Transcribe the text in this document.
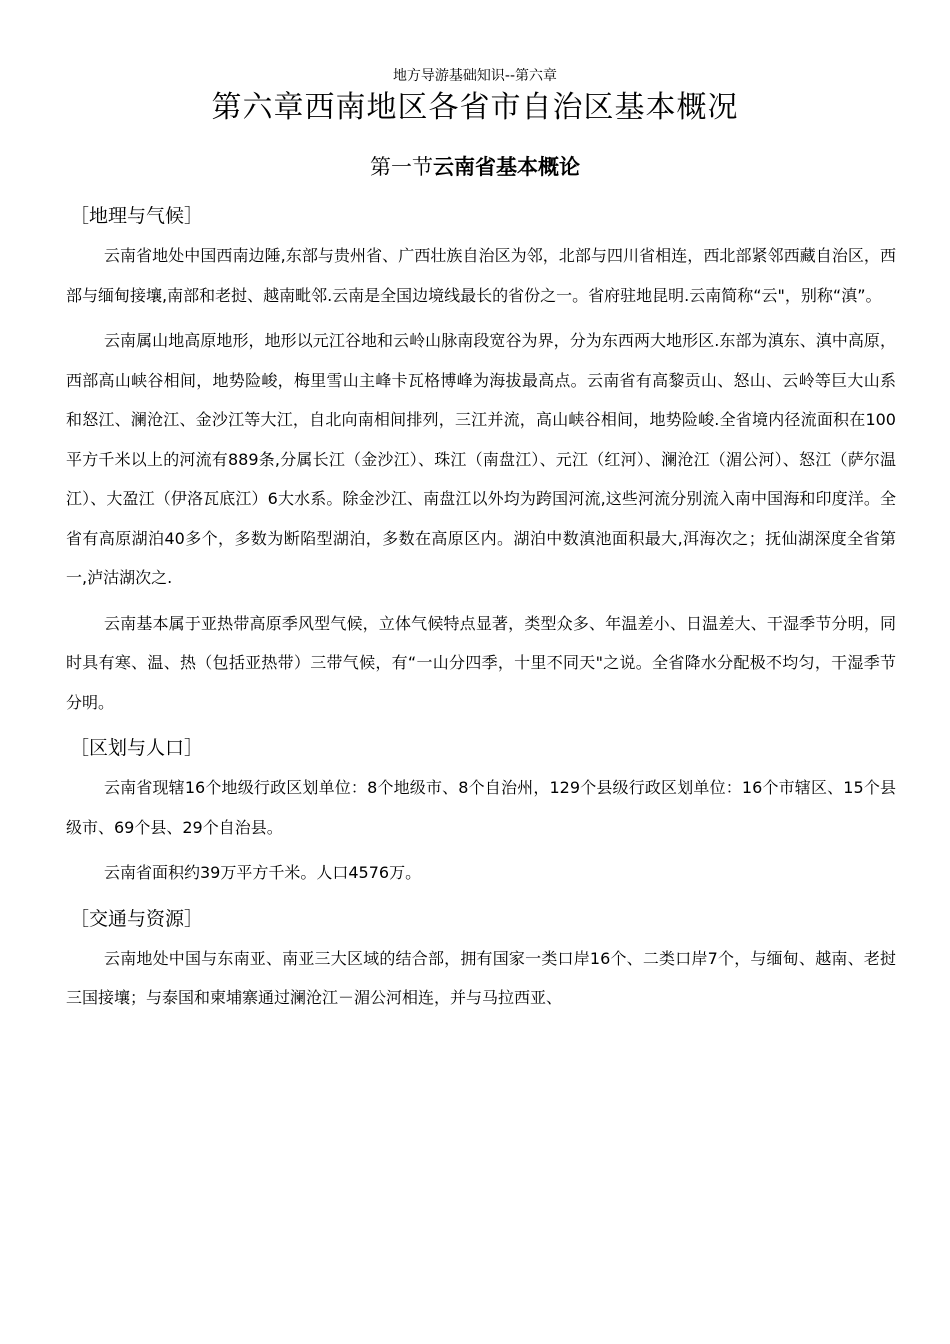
地方导游基础知识--第六章
第六章西南地区各省市自治区基本概况
第一节云南省基本概论
［地理与气候］

云南省地处中国西南边陲,东部与贵州省、广西壮族自治区为邻，北部与四川省相连，西北部紧邻西藏自治区，西部与缅甸接壤,南部和老挝、越南毗邻.云南是全国边境线最长的省份之一。省府驻地昆明.云南简称“云"，别称“滇”。

云南属山地高原地形，地形以元江谷地和云岭山脉南段宽谷为界，分为东西两大地形区.东部为滇东、滇中高原，西部高山峡谷相间，地势险峻，梅里雪山主峰卡瓦格博峰为海拔最高点。云南省有高黎贡山、怒山、云岭等巨大山系和怒江、澜沧江、金沙江等大江，自北向南相间排列，三江并流，高山峡谷相间，地势险峻.全省境内径流面积在100平方千米以上的河流有889条,分属长江（金沙江）、珠江（南盘江）、元江（红河）、澜沧江（湄公河）、怒江（萨尔温江）、大盈江（伊洛瓦底江）6大水系。除金沙江、南盘江以外均为跨国河流,这些河流分别流入南中国海和印度洋。全省有高原湖泊40多个，多数为断陷型湖泊，多数在高原区内。湖泊中数滇池面积最大,洱海次之；抚仙湖深度全省第一,泸沽湖次之.

云南基本属于亚热带高原季风型气候，立体气候特点显著，类型众多、年温差小、日温差大、干湿季节分明，同时具有寒、温、热（包括亚热带）三带气候，有“一山分四季，十里不同天"之说。全省降水分配极不均匀，干湿季节分明。

［区划与人口］

云南省现辖16个地级行政区划单位：8个地级市、8个自治州，129个县级行政区划单位：16个市辖区、15个县级市、69个县、29个自治县。

云南省面积约39万平方千米。人口4576万。

［交通与资源］

云南地处中国与东南亚、南亚三大区域的结合部，拥有国家一类口岸16个、二类口岸7个，与缅甸、越南、老挝三国接壤；与泰国和柬埔寨通过澜沧江－湄公河相连，并与马拉西亚、
